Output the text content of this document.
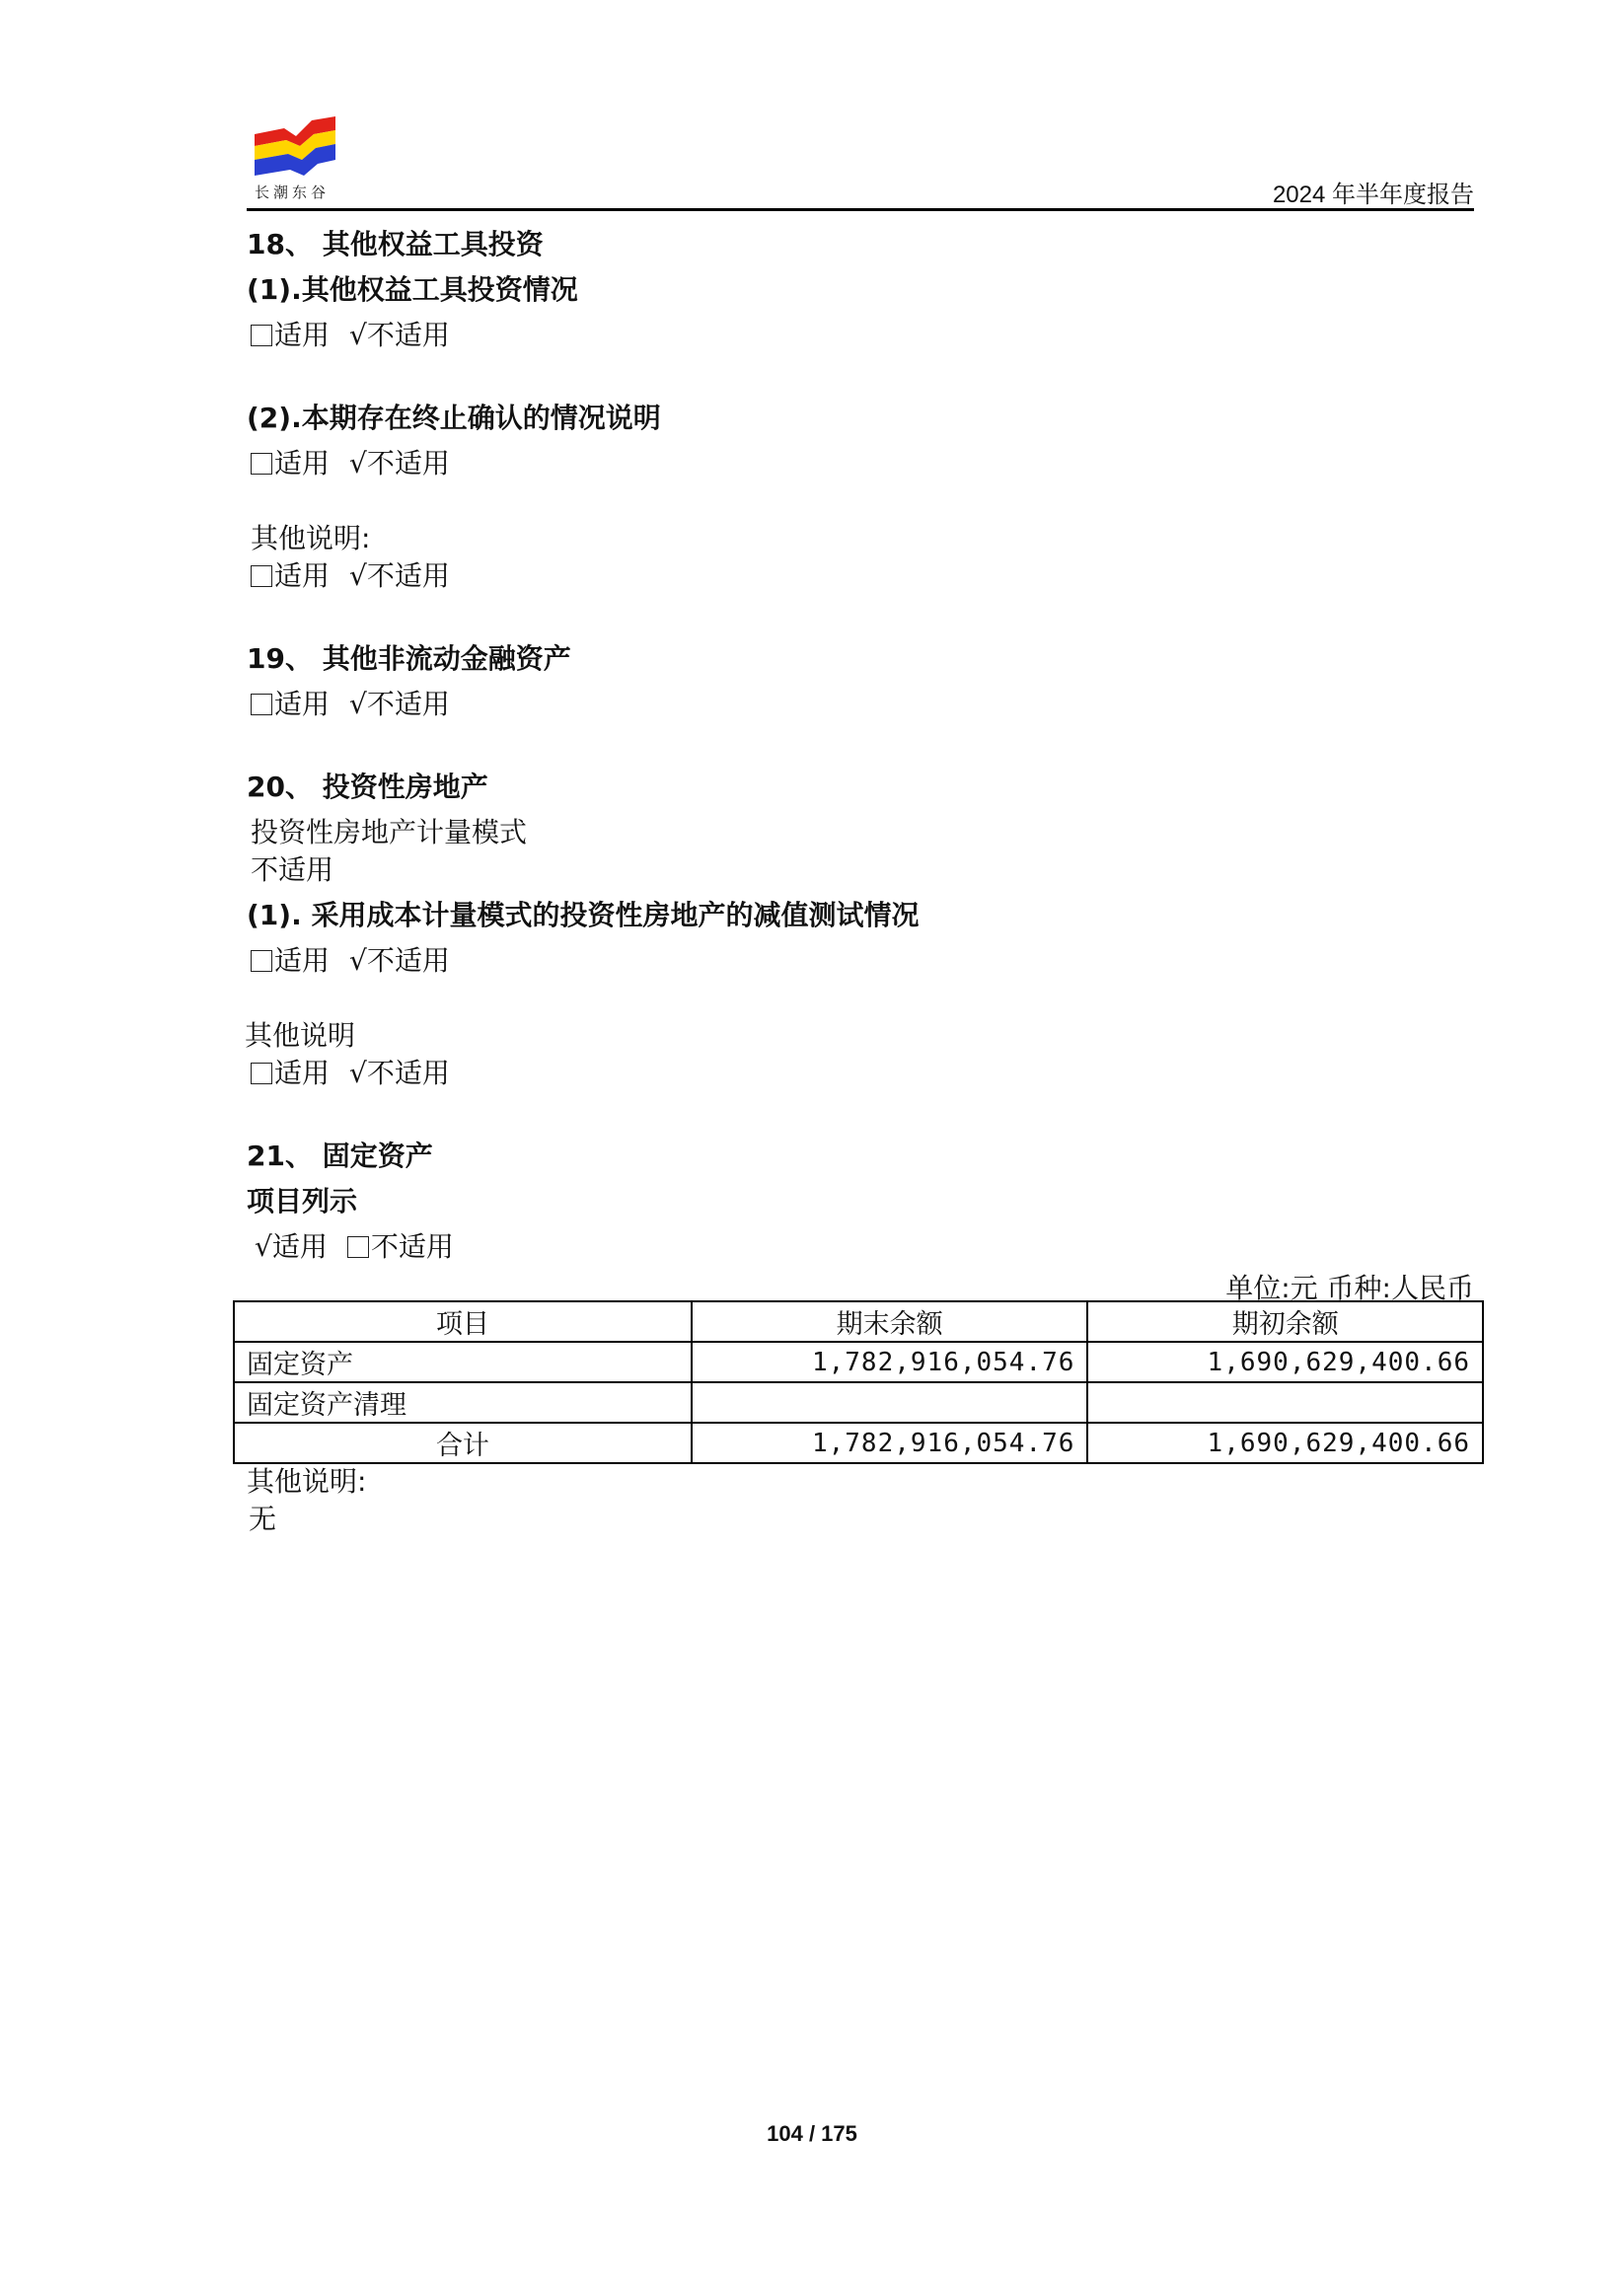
长潮东谷	2024 年半年度报告
18、 其他权益工具投资
(1).其他权益工具投资情况
适用 √不适用
(2).本期存在终止确认的情况说明
适用 √不适用
其他说明:
适用 √不适用
19、 其他非流动金融资产
适用 √不适用
20、 投资性房地产
投资性房地产计量模式
不适用
(1). 采用成本计量模式的投资性房地产的减值测试情况
适用 √不适用
其他说明
适用 √不适用
21、 固定资产
项目列示
√适用 不适用
单位:元 币种:人民币
项目	期末余额	期初余额
固定资产	1,782,916,054.76	1,690,629,400.66
固定资产清理		
合计	1,782,916,054.76	1,690,629,400.66
其他说明:
无
104 / 175
